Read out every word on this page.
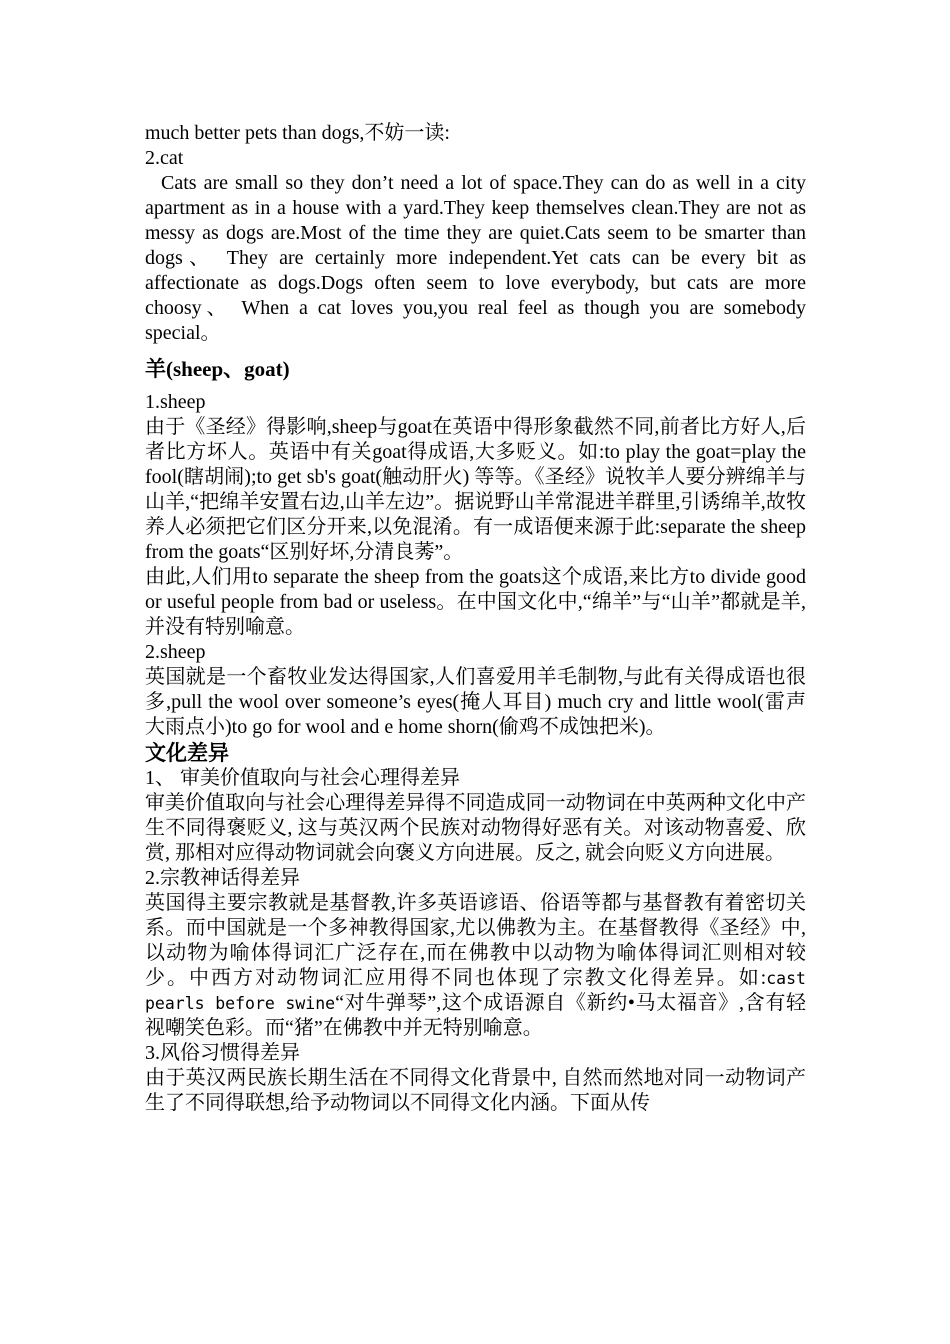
much better pets than dogs,不妨一读:

2.cat

Cats are small so they don’t need a lot of space.They can do as well in a city apartment as in a house with a yard.They keep themselves clean.They are not as messy as dogs are.Most of the time they are quiet.Cats seem to be smarter than dogs、 They are certainly more independent.Yet cats can be every bit as affectionate as dogs.Dogs often seem to love everybody, but cats are more choosy、 When a cat loves you,you real feel as though you are somebody special。

羊(sheep、goat)

1.sheep

由于《圣经》得影响,sheep与goat在英语中得形象截然不同,前者比方好人,后者比方坏人。英语中有关goat得成语,大多贬义。如:to play the goat=play the fool(瞎胡闹);to get sb's goat(触动肝火) 等等。《圣经》说牧羊人要分辨绵羊与山羊,“把绵羊安置右边,山羊左边”。据说野山羊常混进羊群里,引诱绵羊,故牧养人必须把它们区分开来,以免混淆。有一成语便来源于此:separate the sheep from the goats“区别好坏,分清良莠”。

由此,人们用to separate the sheep from the goats这个成语,来比方to divide good or useful people from bad or useless。在中国文化中,“绵羊”与“山羊”都就是羊,并没有特别喻意。

2.sheep

英国就是一个畜牧业发达得国家,人们喜爱用羊毛制物,与此有关得成语也很多,pull the wool over someone’s eyes(掩人耳目) much cry and little wool(雷声大雨点小)to go for wool and e home shorn(偷鸡不成蚀把米)。

文化差异

1、 审美价值取向与社会心理得差异

审美价值取向与社会心理得差异得不同造成同一动物词在中英两种文化中产生不同得褒贬义, 这与英汉两个民族对动物得好恶有关。对该动物喜爱、欣赏, 那相对应得动物词就会向褒义方向进展。反之, 就会向贬义方向进展。

2.宗教神话得差异

英国得主要宗教就是基督教,许多英语谚语、俗语等都与基督教有着密切关系。而中国就是一个多神教得国家,尤以佛教为主。在基督教得《圣经》中,以动物为喻体得词汇广泛存在,而在佛教中以动物为喻体得词汇则相对较少。中西方对动物词汇应用得不同也体现了宗教文化得差异。如:cast pearls before swine“对牛弹琴”,这个成语源自《新约•马太福音》,含有轻视嘲笑色彩。而“猪”在佛教中并无特别喻意。

3.风俗习惯得差异

由于英汉两民族长期生活在不同得文化背景中, 自然而然地对同一动物词产生了不同得联想,给予动物词以不同得文化内涵。下面从传
